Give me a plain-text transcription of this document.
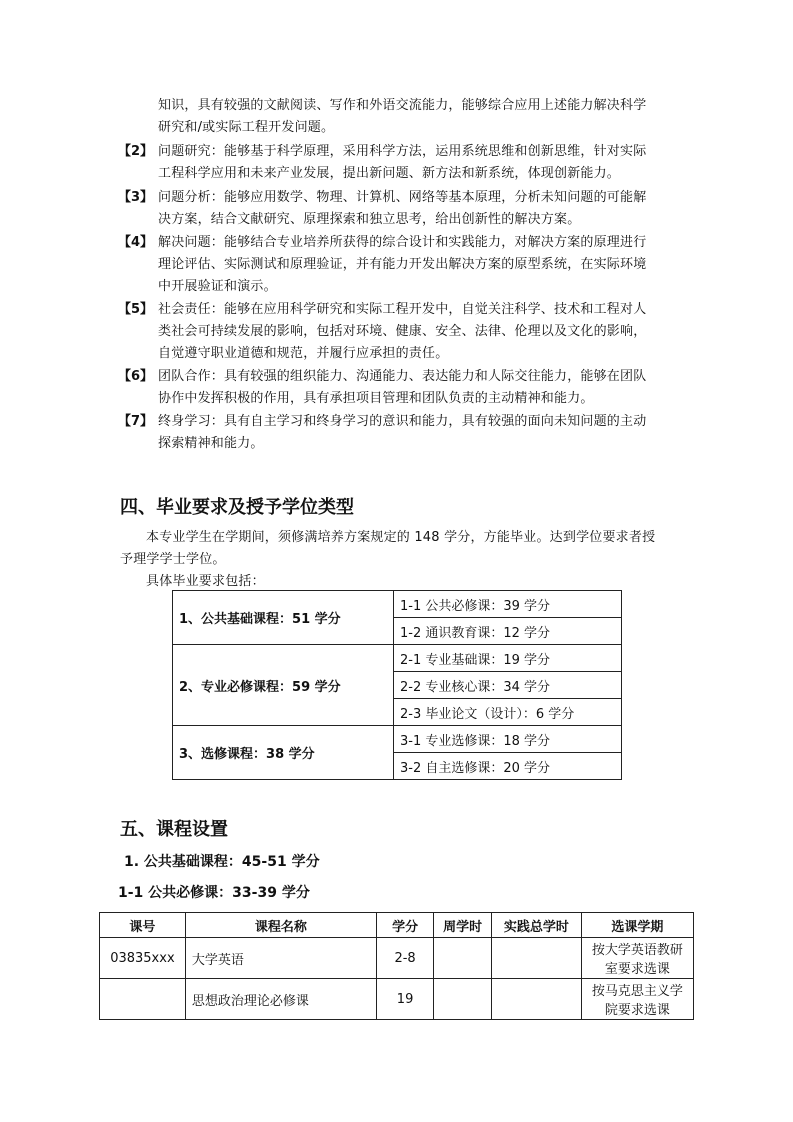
知识，具有较强的文献阅读、写作和外语交流能力，能够综合应用上述能力解决科学
研究和/或实际工程开发问题。
【2】 问题研究：能够基于科学原理，采用科学方法，运用系统思维和创新思维，针对实际
工程科学应用和未来产业发展，提出新问题、新方法和新系统，体现创新能力。
【3】 问题分析：能够应用数学、物理、计算机、网络等基本原理，分析未知问题的可能解
决方案，结合文献研究、原理探索和独立思考，给出创新性的解决方案。
【4】 解决问题：能够结合专业培养所获得的综合设计和实践能力，对解决方案的原理进行
理论评估、实际测试和原理验证，并有能力开发出解决方案的原型系统，在实际环境
中开展验证和演示。
【5】 社会责任：能够在应用科学研究和实际工程开发中，自觉关注科学、技术和工程对人
类社会可持续发展的影响，包括对环境、健康、安全、法律、伦理以及文化的影响，
自觉遵守职业道德和规范，并履行应承担的责任。
【6】 团队合作：具有较强的组织能力、沟通能力、表达能力和人际交往能力，能够在团队
协作中发挥积极的作用，具有承担项目管理和团队负责的主动精神和能力。
【7】 终身学习：具有自主学习和终身学习的意识和能力，具有较强的面向未知问题的主动
探索精神和能力。
四、毕业要求及授予学位类型
本专业学生在学期间，须修满培养方案规定的 148 学分，方能毕业。达到学位要求者授
予理学学士学位。
具体毕业要求包括：
1、公共基础课程：51 学分	1-1 公共必修课：39 学分
	1-2 通识教育课：12 学分
2、专业必修课程：59 学分	2-1 专业基础课：19 学分
	2-2 专业核心课：34 学分
	2-3 毕业论文（设计）：6 学分
3、选修课程：38 学分	3-1 专业选修课：18 学分
	3-2 自主选修课：20 学分
五、课程设置
1. 公共基础课程：45-51 学分
1-1 公共必修课：33-39 学分
课号	课程名称	学分	周学时	实践总学时	选课学期
03835xxx	大学英语	2-8			按大学英语教研
室要求选课

	思想政治理论必修课	19			按马克思主义学
院要求选课
